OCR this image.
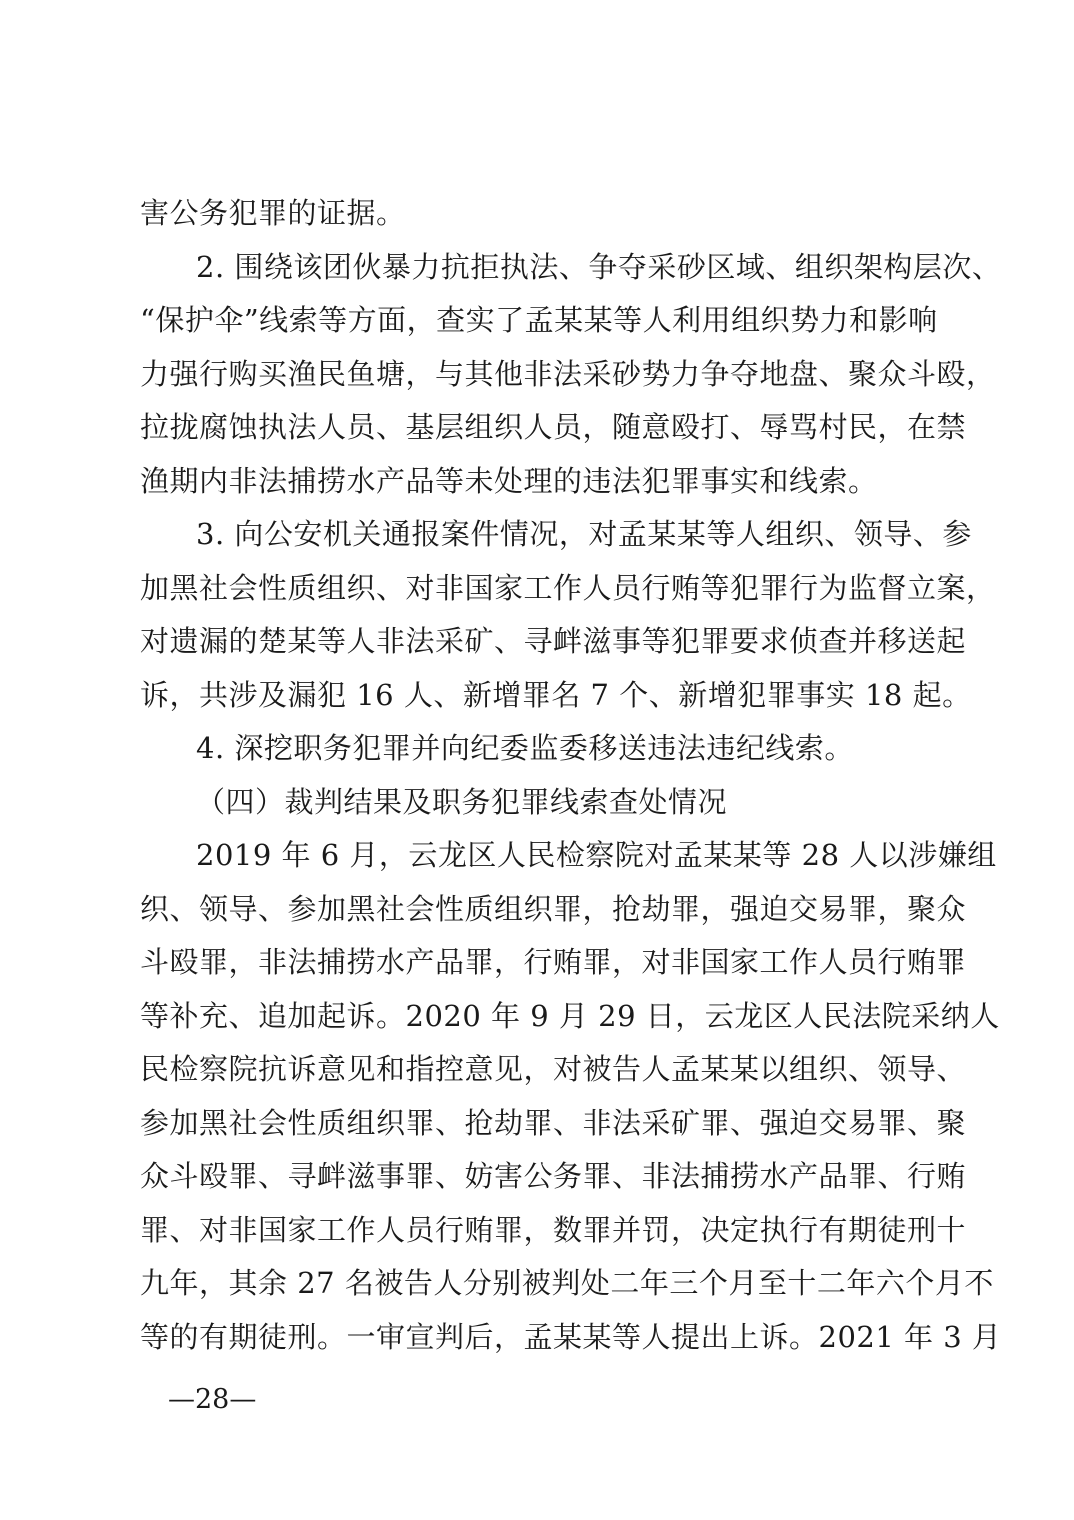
害公务犯罪的证据。
2. 围绕该团伙暴力抗拒执法、争夺采砂区域、组织架构层次、
“保护伞”线索等方面，查实了孟某某等人利用组织势力和影响
力强行购买渔民鱼塘，与其他非法采砂势力争夺地盘、聚众斗殴，
拉拢腐蚀执法人员、基层组织人员，随意殴打、辱骂村民，在禁
渔期内非法捕捞水产品等未处理的违法犯罪事实和线索。
3. 向公安机关通报案件情况，对孟某某等人组织、领导、参
加黑社会性质组织、对非国家工作人员行贿等犯罪行为监督立案，
对遗漏的楚某等人非法采矿、寻衅滋事等犯罪要求侦查并移送起
诉，共涉及漏犯 16 人、新增罪名 7 个、新增犯罪事实 18 起。
4. 深挖职务犯罪并向纪委监委移送违法违纪线索。
（四）裁判结果及职务犯罪线索查处情况
2019 年 6 月，云龙区人民检察院对孟某某等 28 人以涉嫌组
织、领导、参加黑社会性质组织罪，抢劫罪，强迫交易罪，聚众
斗殴罪，非法捕捞水产品罪，行贿罪，对非国家工作人员行贿罪
等补充、追加起诉。2020 年 9 月 29 日，云龙区人民法院采纳人
民检察院抗诉意见和指控意见，对被告人孟某某以组织、领导、
参加黑社会性质组织罪、抢劫罪、非法采矿罪、强迫交易罪、聚
众斗殴罪、寻衅滋事罪、妨害公务罪、非法捕捞水产品罪、行贿
罪、对非国家工作人员行贿罪，数罪并罚，决定执行有期徒刑十
九年，其余 27 名被告人分别被判处二年三个月至十二年六个月不
—28—
等的有期徒刑。一审宣判后，孟某某等人提出上诉。2021 年 3 月
